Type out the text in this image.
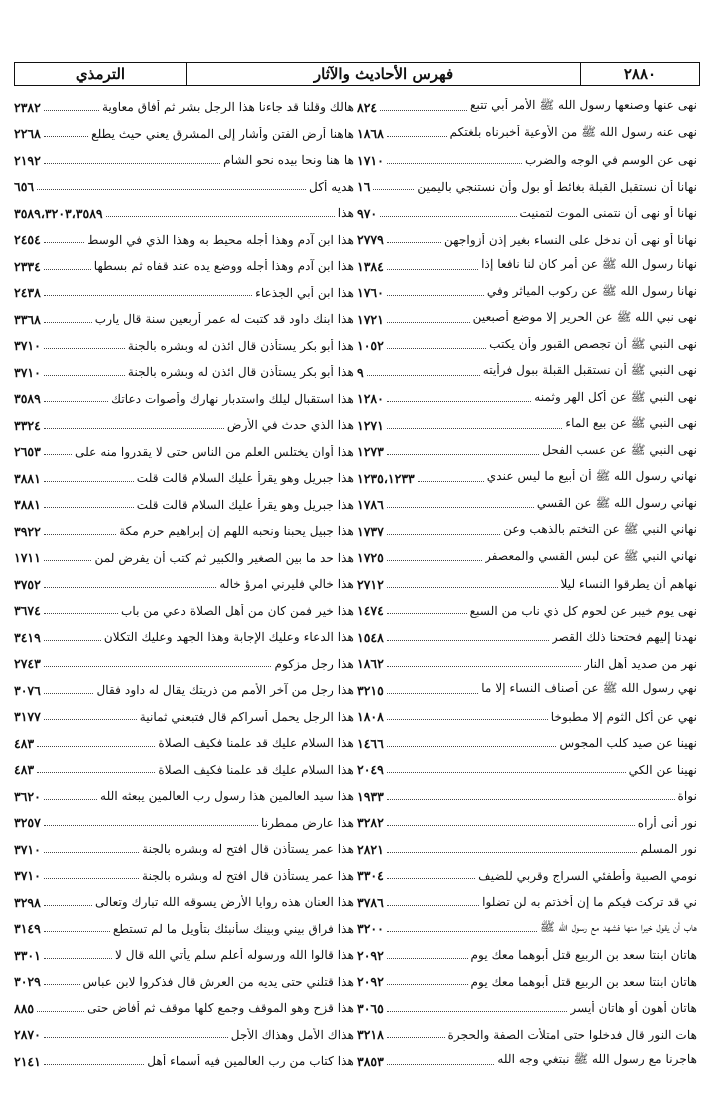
الترمذي	فهرس الأحاديث والآثار	٢٨٨٠
نهى عنها وصنعها رسول الله ﷺ الأمر أبي تتبع
٨٢٤
نهى عنه رسول الله ﷺ من الأوعية أخبرناه بلغتكم
١٨٦٨
نهى عن الوسم في الوجه والضرب
١٧١٠
نهانا أن نستقبل القبلة بغائط أو بول وأن نستنجي باليمين
١٦
نهانا أو نهى أن نتمنى الموت لتمنيت
٩٧٠
نهانا أو نهى أن ندخل على النساء بغير إذن أزواجهن
٢٧٧٩
نهانا رسول الله ﷺ عن أمر كان لنا نافعا إذا
١٣٨٤
نهانا رسول الله ﷺ عن ركوب المياثر وفي
١٧٦٠
نهى نبي الله ﷺ عن الحرير إلا موضع أصبعين
١٧٢١
نهى النبي ﷺ أن تجصص القبور وأن يكتب
١٠٥٢
نهى النبي ﷺ أن نستقبل القبلة ببول فرأيته
٩
نهى النبي ﷺ عن أكل الهر وثمنه
١٢٨٠
نهى النبي ﷺ عن بيع الماء
١٢٧١
نهى النبي ﷺ عن عسب الفحل
١٢٧٣
نهاني رسول الله ﷺ أن أبيع ما ليس عندي
١٢٣٥،١٢٣٣
نهاني رسول الله ﷺ عن القسي
١٧٨٦
نهاني النبي ﷺ عن التختم بالذهب وعن
١٧٣٧
نهاني النبي ﷺ عن لبس القسي والمعصفر
١٧٢٥
نهاهم أن يطرقوا النساء ليلا
٢٧١٢
نهى يوم خيبر عن لحوم كل ذي ناب من السبع
١٤٧٤
نهدنا إليهم فحتحنا ذلك القصر
١٥٤٨
نهر من صديد أهل النار
١٨٦٢
نهي رسول الله ﷺ عن أصناف النساء إلا ما
٣٢١٥
نهي عن أكل الثوم إلا مطبوخا
١٨٠٨
نهينا عن صيد كلب المجوس
١٤٦٦
نهينا عن الكي
٢٠٤٩
نواة
١٩٣٣
نور أنى أراه
٣٢٨٢
نور المسلم
٢٨٢١
نومي الصبية وأطفئي السراج وقربي للضيف
٣٣٠٤
ني قد تركت فيكم ما إن أخذتم به لن تضلوا
٣٧٨٦
هاب أن يقول خيرا منها فشهد مع رسول الله ﷺ
٣٢٠٠
هاتان ابنتا سعد بن الربيع قتل أبوهما معك يوم
٢٠٩٢
هاتان ابنتا سعد بن الربيع قتل أبوهما معك يوم
٢٠٩٢
هاتان أهون أو هاتان أيسر
٣٠٦٥
هات النور قال فدخلوا حتى امتلأت الصفة والحجرة
٣٢١٨
هاجرنا مع رسول الله ﷺ نبتغي وجه الله
٣٨٥٣
هالك وقلنا قد جاءنا هذا الرجل بشر ثم أفاق معاوية
٢٣٨٢
هاهنا أرض الفتن وأشار إلى المشرق يعني حيث يطلع
٢٢٦٨
ها هنا ونحا بيده نحو الشام
٢١٩٢
هديه أكل
٦٥٦
هذا
٣٥٨٩،٣٢٠٣،٣٥٨٩
هذا ابن آدم وهذا أجله محيط به وهذا الذي في الوسط
٢٤٥٤
هذا ابن آدم وهذا أجله ووضع يده عند قفاه ثم بسطها
٢٣٣٤
هذا ابن أبي الجذعاء
٢٤٣٨
هذا ابنك داود قد كتبت له عمر أربعين سنة قال يارب
٣٣٦٨
هذا أبو بكر يستأذن قال ائذن له وبشره بالجنة
٣٧١٠
هذا أبو بكر يستأذن قال ائذن له وبشره بالجنة
٣٧١٠
هذا استقبال ليلك واستدبار نهارك وأصوات دعاتك
٣٥٨٩
هذا الذي حدث في الأرض
٣٣٢٤
هذا أوان يختلس العلم من الناس حتى لا يقدروا منه على
٢٦٥٣
هذا جبريل وهو يقرأ عليك السلام قالت قلت
٣٨٨١
هذا جبريل وهو يقرأ عليك السلام قالت قلت
٣٨٨١
هذا جبيل يحبنا ونحبه اللهم إن إبراهيم حرم مكة
٣٩٢٢
هذا حد ما بين الصغير والكبير ثم كتب أن يفرض لمن
١٧١١
هذا خالي فليرني امرؤ خاله
٣٧٥٢
هذا خير فمن كان من أهل الصلاة دعي من باب
٣٦٧٤
هذا الدعاء وعليك الإجابة وهذا الجهد وعليك التكلان
٣٤١٩
هذا رجل مزكوم
٢٧٤٣
هذا رجل من آخر الأمم من ذريتك يقال له داود فقال
٣٠٧٦
هذا الرجل يحمل أسراكم قال فتبعني ثمانية
٣١٧٧
هذا السلام عليك قد علمنا فكيف الصلاة
٤٨٣
هذا السلام عليك قد علمنا فكيف الصلاة
٤٨٣
هذا سيد العالمين هذا رسول رب العالمين يبعثه الله
٣٦٢٠
هذا عارض ممطرنا
٣٢٥٧
هذا عمر يستأذن قال افتح له وبشره بالجنة
٣٧١٠
هذا عمر يستأذن قال افتح له وبشره بالجنة
٣٧١٠
هذا العنان هذه روايا الأرض يسوقه الله تبارك وتعالى
٣٢٩٨
هذا فراق بيني وبينك سأنبئك بتأويل ما لم تستطع
٣١٤٩
هذا قالوا الله ورسوله أعلم سلم يأتي الله قال لا
٣٣٠١
هذا قتلني حتى يديه من العرش قال فذكروا لابن عباس
٣٠٢٩
هذا قزح وهو الموقف وجمع كلها موقف ثم أفاض حتى
٨٨٥
هذاك الأمل وهذاك الأجل
٢٨٧٠
هذا كتاب من رب العالمين فيه أسماء أهل
٢١٤١
